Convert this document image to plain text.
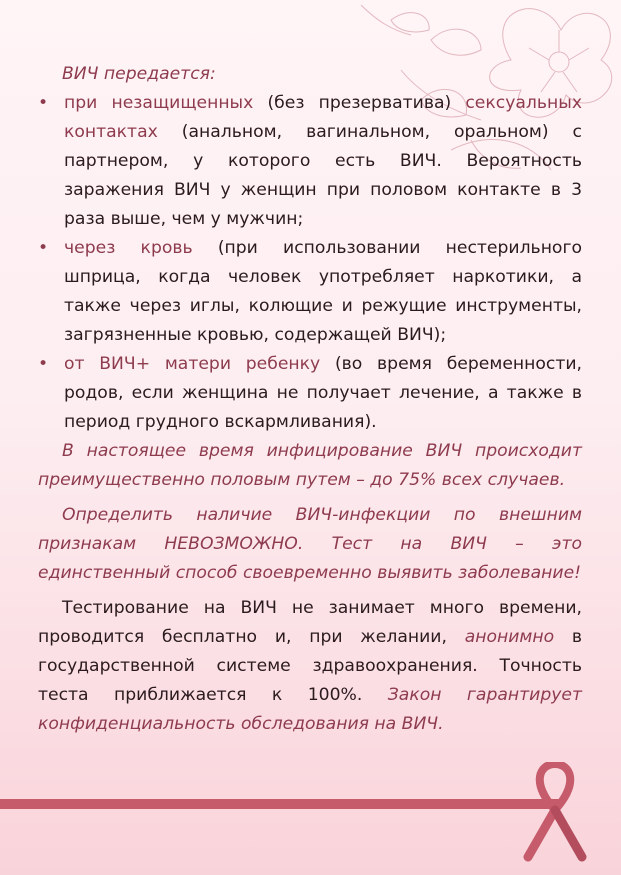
ВИЧ передается:

• при незащищенных (без презерватива) сексуальных контактах (анальном, вагинальном, оральном) с партнером, у которого есть ВИЧ. Вероятность заражения ВИЧ у женщин при половом контакте в 3 раза выше, чем у мужчин;
• через кровь (при использовании нестерильного шприца, когда человек употребляет наркотики, а также через иглы, колющие и режущие инструменты, загрязненные кровью, содержащей ВИЧ);
• от ВИЧ+ матери ребенку (во время беременности, родов, если женщина не получает лечение, а также в период грудного вскармливания).

В настоящее время инфицирование ВИЧ происходит преимущественно половым путем – до 75% всех случаев.

Определить наличие ВИЧ-инфекции по внешним признакам НЕВОЗМОЖНО. Тест на ВИЧ – это единственный способ своевременно выявить заболевание!

Тестирование на ВИЧ не занимает много времени, проводится бесплатно и, при желании, анонимно в государственной системе здравоохранения. Точность теста приближается к 100%. Закон гарантирует конфиденциальность обследования на ВИЧ.
